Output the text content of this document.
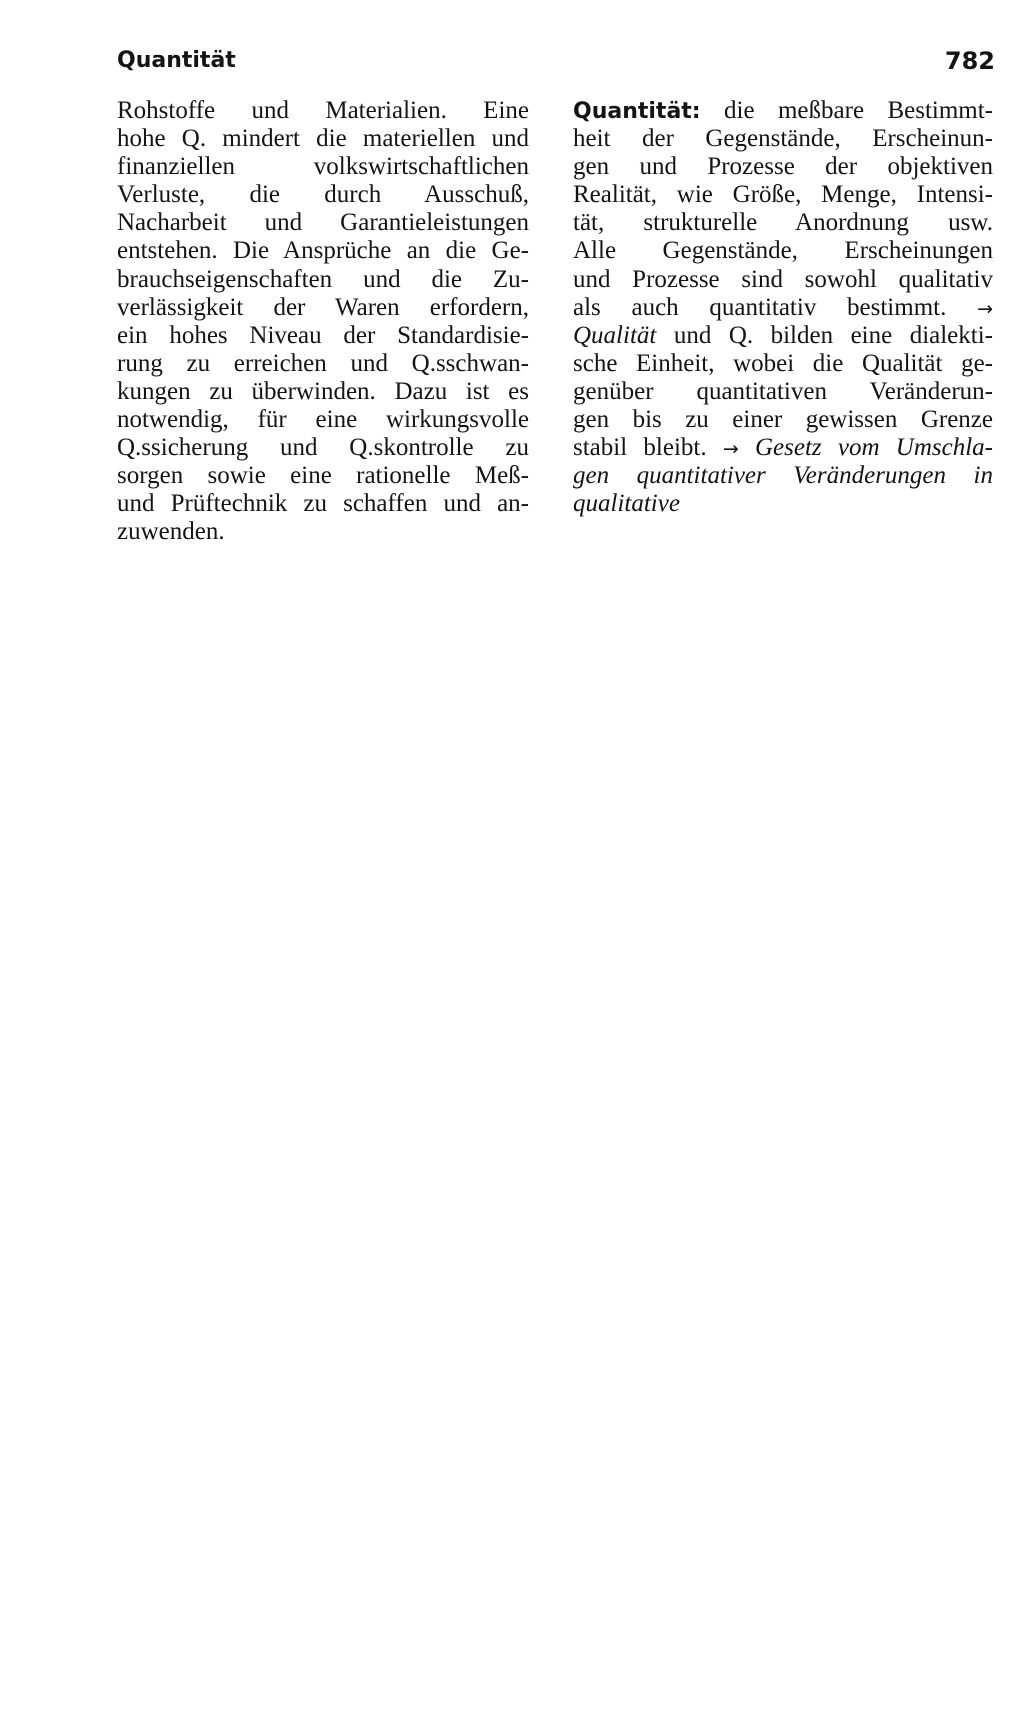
Quantität	782
Rohstoffe und Materialien. Eine
hohe Q. mindert die materiellen und
finanziellen volkswirtschaftlichen
Verluste, die durch Ausschuß,
Nacharbeit und Garantieleistungen
entstehen. Die Ansprüche an die Ge-
brauchseigenschaften und die Zu-
verlässigkeit der Waren erfordern,
ein hohes Niveau der Standardisie-
rung zu erreichen und Q.sschwan-
kungen zu überwinden. Dazu ist es
notwendig, für eine wirkungsvolle
Q.ssicherung und Q.skontrolle zu
sorgen sowie eine rationelle Meß-
und Prüftechnik zu schaffen und an-
zuwenden.
Quantität: die meßbare Bestimmt-
heit der Gegenstände, Erscheinun-
gen und Prozesse der objektiven
Realität, wie Größe, Menge, Intensi-
tät, strukturelle Anordnung usw.
Alle Gegenstände, Erscheinungen
und Prozesse sind sowohl qualitativ
als auch quantitativ bestimmt. →
Qualität und Q. bilden eine dialekti-
sche Einheit, wobei die Qualität ge-
genüber quantitativen Veränderun-
gen bis zu einer gewissen Grenze
stabil bleibt. → Gesetz vom Umschla-
gen quantitativer Veränderungen in
qualitative
